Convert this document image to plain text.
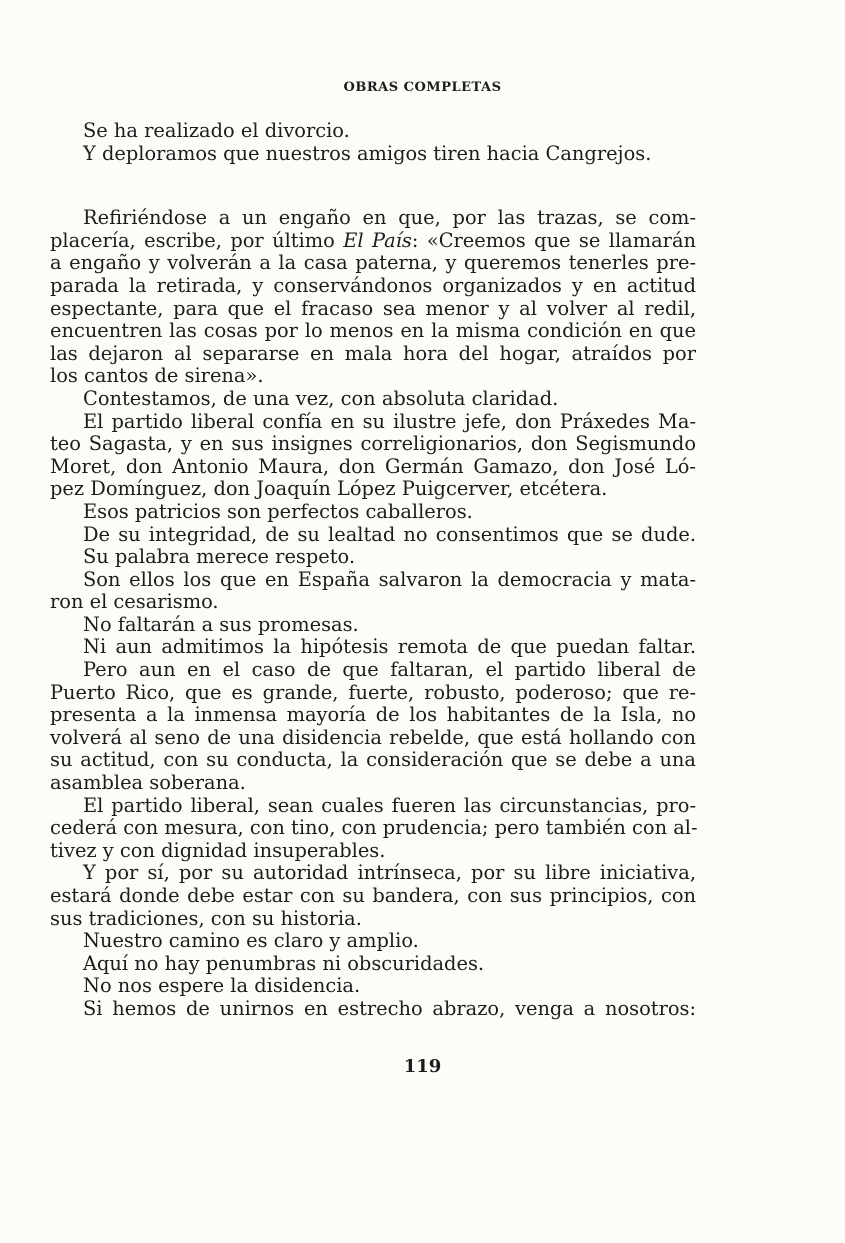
OBRAS COMPLETAS
Se ha realizado el divorcio.
Y deploramos que nuestros amigos tiren hacia Cangrejos.
Refiriéndose a un engaño en que, por las trazas, se com-
placería, escribe, por último El País: «Creemos que se llamarán
a engaño y volverán a la casa paterna, y queremos tenerles pre-
parada la retirada, y conservándonos organizados y en actitud
espectante, para que el fracaso sea menor y al volver al redil,
encuentren las cosas por lo menos en la misma condición en que
las dejaron al separarse en mala hora del hogar, atraídos por
los cantos de sirena».
Contestamos, de una vez, con absoluta claridad.
El partido liberal confía en su ilustre jefe, don Práxedes Ma-
teo Sagasta, y en sus insignes correligionarios, don Segismundo
Moret, don Antonio Maura, don Germán Gamazo, don José Ló-
pez Domínguez, don Joaquín López Puigcerver, etcétera.
Esos patricios son perfectos caballeros.
De su integridad, de su lealtad no consentimos que se dude.
Su palabra merece respeto.
Son ellos los que en España salvaron la democracia y mata-
ron el cesarismo.
No faltarán a sus promesas.
Ni aun admitimos la hipótesis remota de que puedan faltar.
Pero aun en el caso de que faltaran, el partido liberal de
Puerto Rico, que es grande, fuerte, robusto, poderoso; que re-
presenta a la inmensa mayoría de los habitantes de la Isla, no
volverá al seno de una disidencia rebelde, que está hollando con
su actitud, con su conducta, la consideración que se debe a una
asamblea soberana.
El partido liberal, sean cuales fueren las circunstancias, pro-
cederá con mesura, con tino, con prudencia; pero también con al-
tivez y con dignidad insuperables.
Y por sí, por su autoridad intrínseca, por su libre iniciativa,
estará donde debe estar con su bandera, con sus principios, con
sus tradiciones, con su historia.
Nuestro camino es claro y amplio.
Aquí no hay penumbras ni obscuridades.
No nos espere la disidencia.
Si hemos de unirnos en estrecho abrazo, venga a nosotros:
119
